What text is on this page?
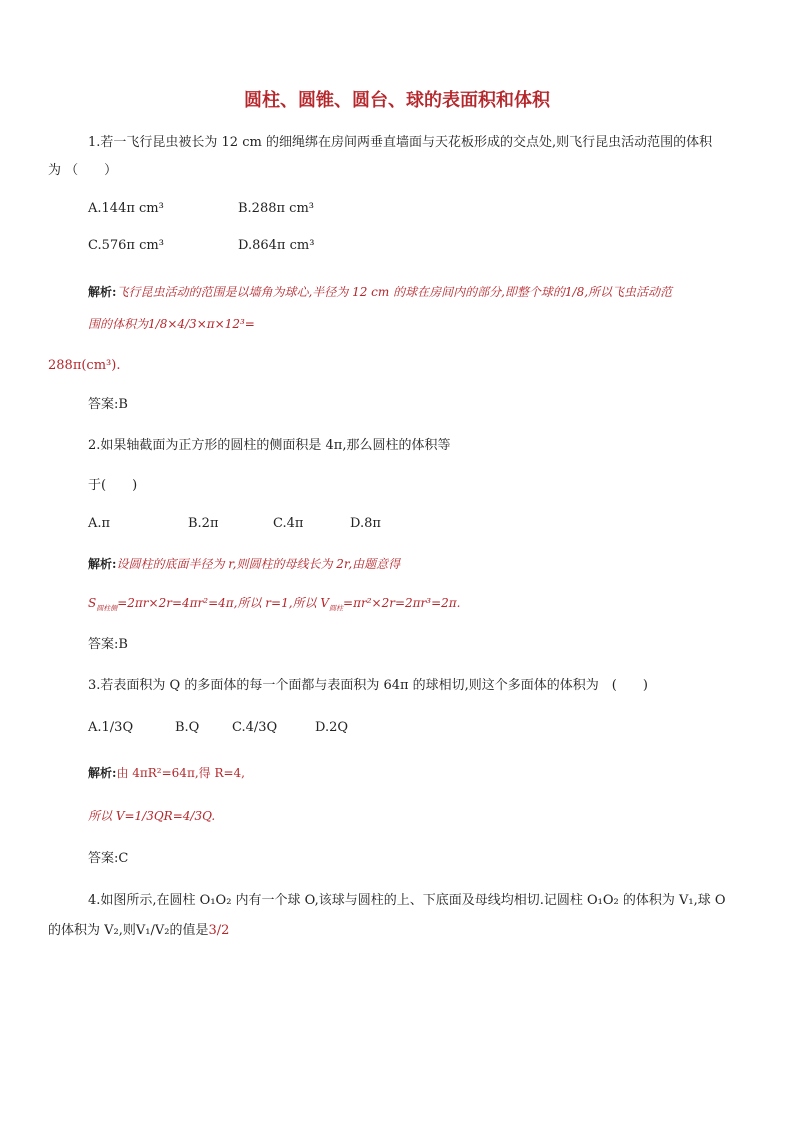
圆柱、圆锥、圆台、球的表面积和体积
1.若一飞行昆虫被长为 12 cm 的细绳绑在房间两垂直墙面与天花板形成的交点处,则飞行昆虫活动范围的体积
为 （　　）
A.144π cm³	B.288π cm³
C.576π cm³	D.864π cm³
解析:飞行昆虫活动的范围是以墙角为球心,半径为 12 cm 的球在房间内的部分,即整个球的1/8,所以飞虫活动范
围的体积为1/8×4/3×π×12³=
288π(cm³).
答案:B
2.如果轴截面为正方形的圆柱的侧面积是 4π,那么圆柱的体积等
于(　　)
A.π	B.2π	C.4π	D.8π
解析:设圆柱的底面半径为 r,则圆柱的母线长为 2r,由题意得
$S_{圆柱侧}=2\pi r\times 2r=4\pi r^2=4\pi$,所以 r=1,所以 $V_{圆柱}=\pi r^2\times 2r=2\pi r^3=2\pi$.
答案:B
3.若表面积为 Q 的多面体的每一个面都与表面积为 64π 的球相切,则这个多面体的体积为　(　　)
A.1/3Q	B.Q	C.4/3Q	D.2Q
解析:由 4πR²=64π,得 R=4,
所以 V=1/3QR=4/3Q.
答案:C
4.如图所示,在圆柱 O₁O₂ 内有一个球 O,该球与圆柱的上、下底面及母线均相切.记圆柱 O₁O₂ 的体积为 V₁,球 O
的体积为 V₂,则V₁/V₂的值是3/2
